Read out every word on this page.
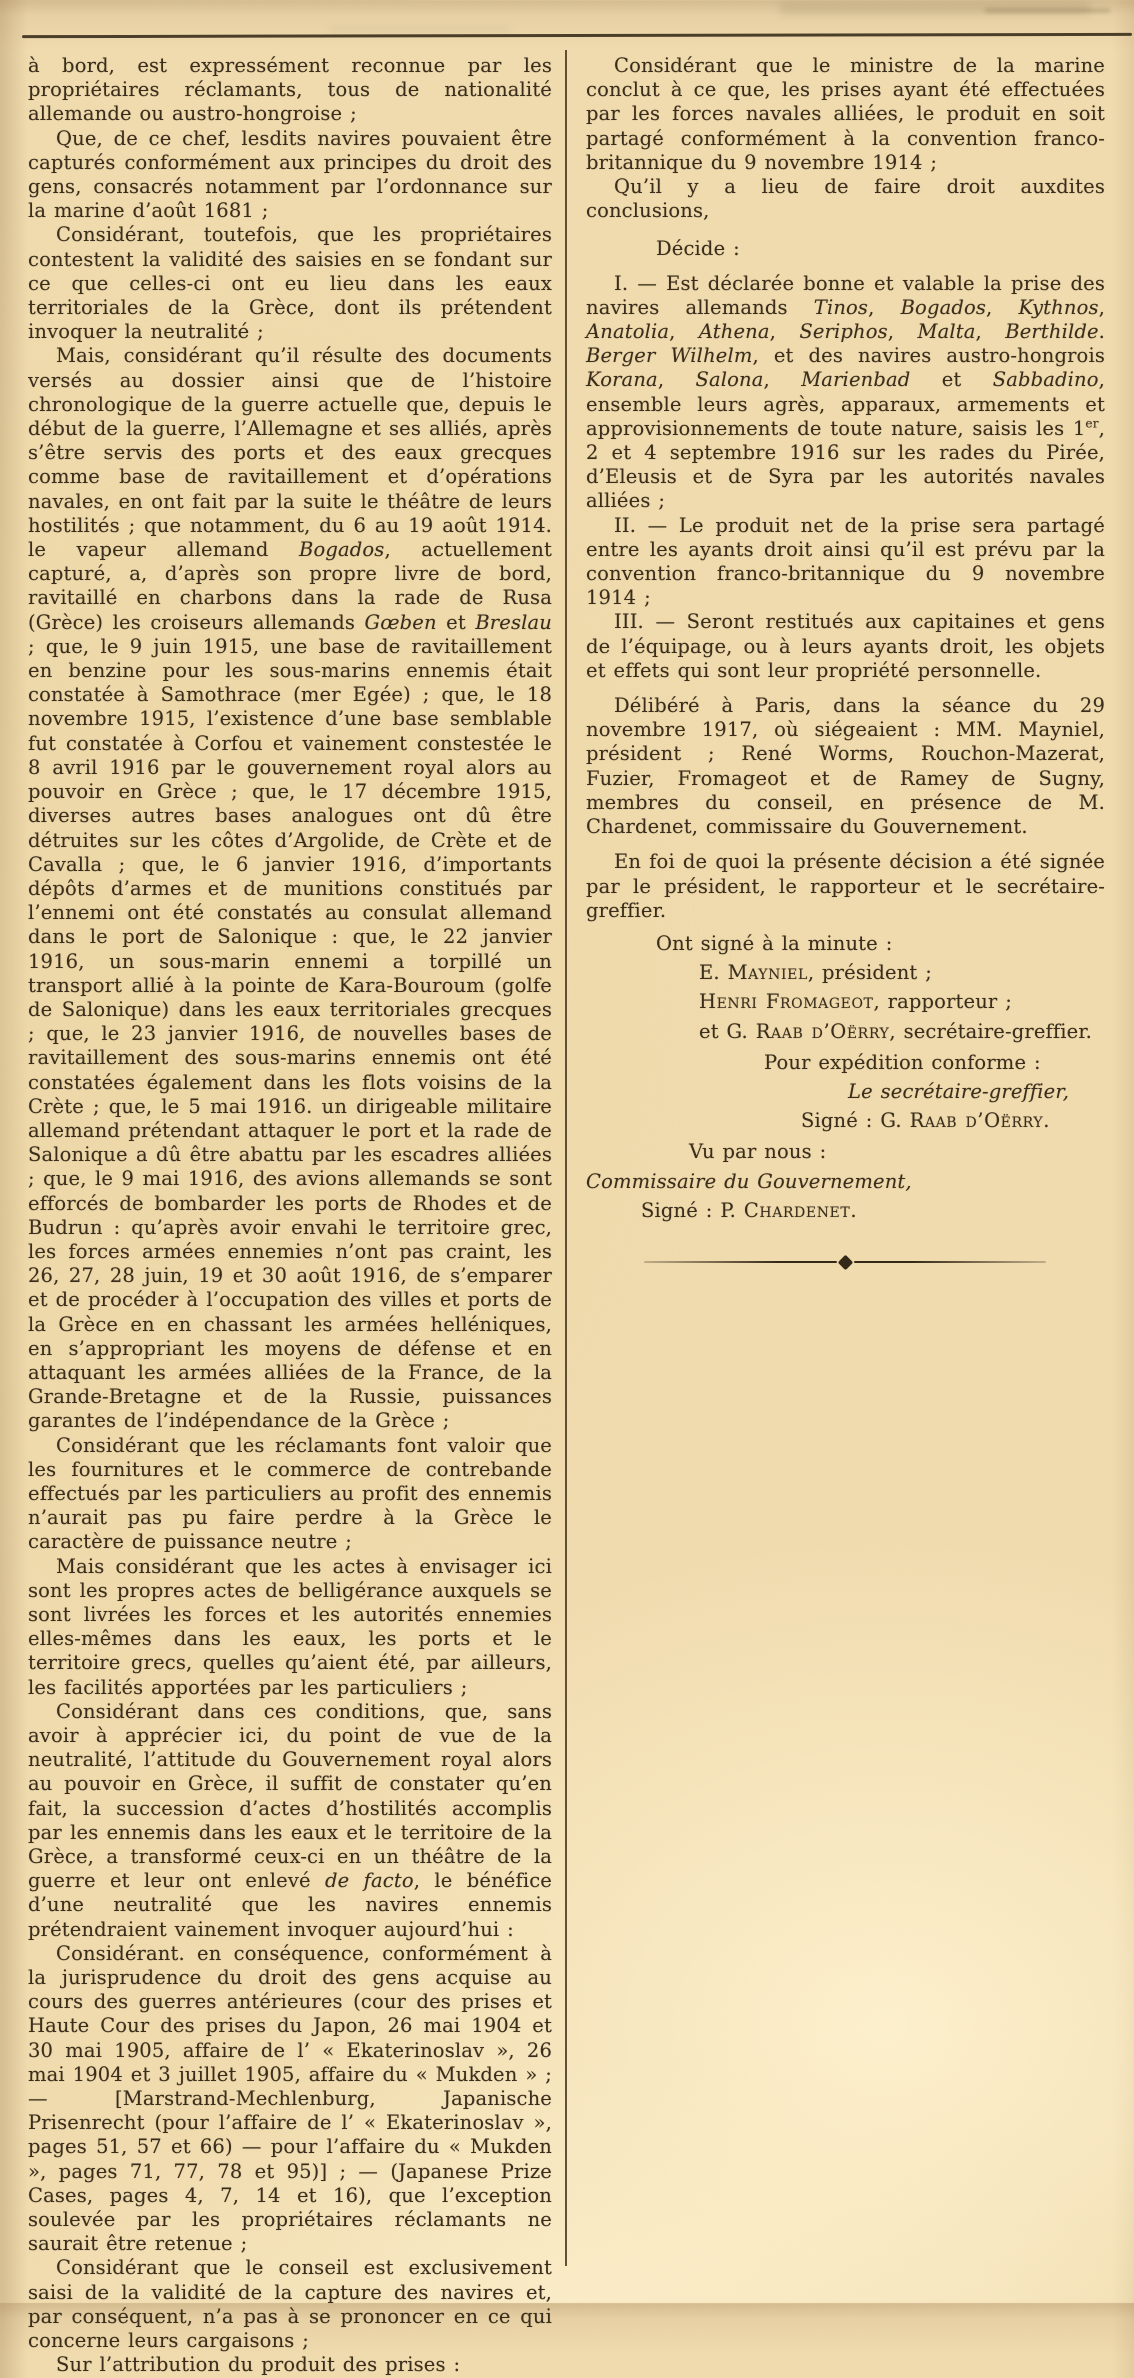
à bord, est expressément reconnue par les propriétaires réclamants, tous de nationalité allemande ou austro-hongroise ;

Que, de ce chef, lesdits navires pouvaient être capturés conformément aux principes du droit des gens, consacrés notamment par l’ordonnance sur la marine d’août 1681 ;

Considérant, toutefois, que les propriétaires contestent la validité des saisies en se fondant sur ce que celles-ci ont eu lieu dans les eaux territoriales de la Grèce, dont ils prétendent invoquer la neutralité ;

Mais, considérant qu’il résulte des documents versés au dossier ainsi que de l’histoire chronologique de la guerre actuelle que, depuis le début de la guerre, l’Allemagne et ses alliés, après s’être servis des ports et des eaux grecques comme base de ravitaillement et d’opérations navales, en ont fait par la suite le théâtre de leurs hostilités ; que notamment, du 6 au 19 août 1914. le vapeur allemand Bogados, actuellement capturé, a, d’après son propre livre de bord, ravitaillé en charbons dans la rade de Rusa (Grèce) les croiseurs allemands Gœben et Breslau ; que, le 9 juin 1915, une base de ravitaillement en benzine pour les sous-marins ennemis était constatée à Samothrace (mer Egée) ; que, le 18 novembre 1915, l’existence d’une base semblable fut constatée à Corfou et vainement constestée le 8 avril 1916 par le gouvernement royal alors au pouvoir en Grèce ; que, le 17 décembre 1915, diverses autres bases analogues ont dû être détruites sur les côtes d’Argolide, de Crète et de Cavalla ; que, le 6 janvier 1916, d’importants dépôts d’armes et de munitions constitués par l’ennemi ont été constatés au consulat allemand dans le port de Salonique : que, le 22 janvier 1916, un sous-marin ennemi a torpillé un transport allié à la pointe de Kara-Bouroum (golfe de Salonique) dans les eaux territoriales grecques ; que, le 23 janvier 1916, de nouvelles bases de ravitaillement des sous-marins ennemis ont été constatées également dans les flots voisins de la Crète ; que, le 5 mai 1916. un dirigeable militaire allemand prétendant attaquer le port et la rade de Salonique a dû être abattu par les escadres alliées ; que, le 9 mai 1916, des avions allemands se sont efforcés de bombarder les ports de Rhodes et de Budrun : qu’après avoir envahi le territoire grec, les forces armées ennemies n’ont pas craint, les 26, 27, 28 juin, 19 et 30 août 1916, de s’emparer et de procéder à l’occupation des villes et ports de la Grèce en en chassant les armées helléniques, en s’appropriant les moyens de défense et en attaquant les armées alliées de la France, de la Grande-Bretagne et de la Russie, puissances garantes de l’indépendance de la Grèce ;

Considérant que les réclamants font valoir que les fournitures et le commerce de contrebande effectués par les particuliers au profit des ennemis n’aurait pas pu faire perdre à la Grèce le caractère de puissance neutre ;

Mais considérant que les actes à envisager ici sont les propres actes de belligérance auxquels se sont livrées les forces et les autorités ennemies elles-mêmes dans les eaux, les ports et le territoire grecs, quelles qu’aient été, par ailleurs, les facilités apportées par les particuliers ;

Considérant dans ces conditions, que, sans avoir à apprécier ici, du point de vue de la neutralité, l’attitude du Gouvernement royal alors au pouvoir en Grèce, il suffit de constater qu’en fait, la succession d’actes d’hostilités accomplis par les ennemis dans les eaux et le territoire de la Grèce, a transformé ceux-ci en un théâtre de la guerre et leur ont enlevé de facto, le bénéfice d’une neutralité que les navires ennemis prétendraient vainement invoquer aujourd’hui :

Considérant. en conséquence, conformément à la jurisprudence du droit des gens acquise au cours des guerres antérieures (cour des prises et Haute Cour des prises du Japon, 26 mai 1904 et 30 mai 1905, affaire de l’ « Ekaterinoslav », 26 mai 1904 et 3 juillet 1905, affaire du « Mukden » ; — [Marstrand-Mechlenburg, Japanische Prisenrecht (pour l’affaire de l’ « Ekaterinoslav », pages 51, 57 et 66) — pour l’affaire du « Mukden », pages 71, 77, 78 et 95)] ; — (Japanese Prize Cases, pages 4, 7, 14 et 16), que l’exception soulevée par les propriétaires réclamants ne saurait être retenue ;

Considérant que le conseil est exclusivement saisi de la validité de la capture des navires et, par conséquent, n’a pas à se prononcer en ce qui concerne leurs cargaisons ;

Sur l’attribution du produit des prises :

Considérant que le ministre de la marine conclut à ce que, les prises ayant été effectuées par les forces navales alliées, le produit en soit partagé conformément à la convention franco-britannique du 9 novembre 1914 ;

Qu’il y a lieu de faire droit auxdites conclusions,

Décide :

I. — Est déclarée bonne et valable la prise des navires allemands Tinos, Bogados, Kythnos, Anatolia, Athena, Seriphos, Malta, Berthilde. Berger Wilhelm, et des navires austro-hongrois Korana, Salona, Marienbad et Sabbadino, ensemble leurs agrès, apparaux, armements et approvisionnements de toute nature, saisis les 1er, 2 et 4 septembre 1916 sur les rades du Pirée, d’Eleusis et de Syra par les autorités navales alliées ;

II. — Le produit net de la prise sera partagé entre les ayants droit ainsi qu’il est prévu par la convention franco-britannique du 9 novembre 1914 ;

III. — Seront restitués aux capitaines et gens de l’équipage, ou à leurs ayants droit, les objets et effets qui sont leur propriété personnelle.

Délibéré à Paris, dans la séance du 29 novembre 1917, où siégeaient : MM. Mayniel, président ; René Worms, Rouchon-Mazerat, Fuzier, Fromageot et de Ramey de Sugny, membres du conseil, en présence de M. Chardenet, commissaire du Gouvernement.

En foi de quoi la présente décision a été signée par le président, le rapporteur et le secrétaire-greffier.

Ont signé à la minute :

E. Mayniel, président ;

Henri Fromageot, rapporteur ;

et G. Raab d’Oërry, secrétaire-greffier.

Pour expédition conforme :

Le secrétaire-greffier,

Signé : G. Raab d’Oërry.

Vu par nous :

Commissaire du Gouvernement,

Signé : P. Chardenet.
